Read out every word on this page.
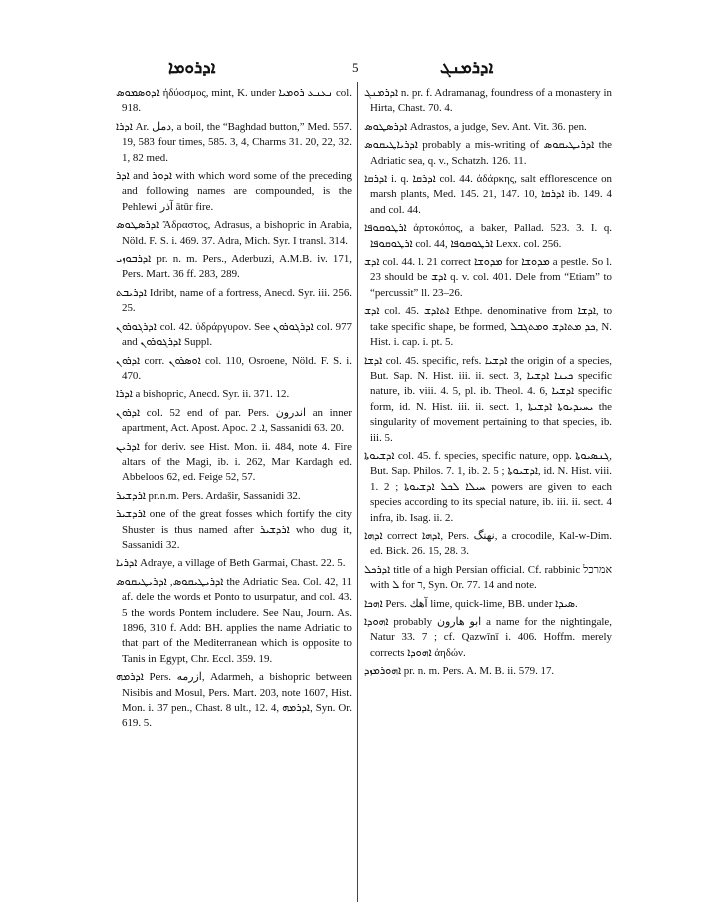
ܐܕܪܘܡܐ	5	ܐܕܪܡܢܓ

ܐܕܘܣܡܘܣ ἡδύοσμος, mint, K. under ܢܥܢܥ ܪܘܡܝܐ col. 918.

ܐܕܪܐ Ar. دمل, a boil, the “Baghdad button,” Med. 557. 19, 583 four times, 585. 3, 4, Charms 31. 20, 22, 32. 1, 82 med.

ܐܕܪ and ܐܕܘܪ with which word some of the preceding and following names are compounded, is the Pehlewi آذر ātūr fire.

ܐܕܪܣܛܘܣ Ἄδραστος, Adrasus, a bishopric in Arabia, Nöld. F. S. i. 469. 37. Adra, Mich. Syr. I transl. 314.

ܐܕܪܒܘܙܝ pr. n. m. Pers., Aderbuzi, A.M.B. iv. 171, Pers. Mart. 36 ff. 283, 289.

ܐܕܪܝܒܬ Idribt, name of a fortress, Anecd. Syr. iii. 256. 25.

ܐܕܪܓܘܪܘܢ col. 42. ὑδράργυρον. See ܐܕܪܓܘܪܘܢ col. 977 and ܐܕܪܓܘܪܘܢ Suppl.

ܐܕܪܘܢ corr. ܐܘܣܪܘܢ col. 110, Osroene, Nöld. F. S. i. 470.

ܐܕܪܐ a bishopric, Anecd. Syr. ii. 371. 12.

ܐܕܪܘܢ col. 52 end of par. Pers. اندرون an inner apartment, Act. Apost. Apoc. ܐ. 2, Sassanidi 63. 20.

ܐܕܪܝܢ for deriv. see Hist. Mon. ii. 484, note 4. Fire altars of the Magi, ib. i. 262, Mar Kardagh ed. Abbeloos 62, ed. Feige 52, 57.

ܐܪܕܫܝܪ pr.n.m. Pers. Ardašir, Sassanidi 32.

ܐܪܕܫܝܪ one of the great fosses which fortify the city Shuster is thus named after ܐܪܕܫܝܪ who dug it, Sassanidi 32.

ܐܕܪܝܐ Adraye, a village of Beth Garmai, Chast. 22. 5.

ܐܕܪܝܛܝܩܘܣ, ܐܕܪܝܛܝܩܘܣ the Adriatic Sea. Col. 42, 11 af. dele the words et Ponto to usurpatur, and col. 43. 5 the words Pontem includere. See Nau, Journ. As. 1896, 310 f. Add: BH. applies the name Adriatic to that part of the Mediterranean which is opposite to Tanis in Egypt, Chr. Eccl. 359. 19.

ܐܕܪܡܗ Pers. ازرمه, Adarmeh, a bishopric between Nisibis and Mosul, Pers. Mart. 203, note 1607, Hist. Mon. i. 37 pen., Chast. 8 ult., 12. 4, ܐܕܪܡܗ, Syn. Or. 619. 5.

ܐܕܪܡܢܓ n. pr. f. Adramanag, foundress of a monastery in Hirta, Chast. 70. 4.

ܐܕܪܣܛܘܣ Adrastos, a judge, Sev. Ant. Vit. 36. pen.

ܐܕܪܝܐܛܝܩܘܣ probably a mis-writing of ܐܕܪܝܛܝܩܘܣ the Adriatic sea, q. v., Schatzh. 126. 11.

ܐܕܪܩܐ i. q. ܐܕܪܩܐ col. 44. ἀδάρκης, salt efflorescence on marsh plants, Med. 145. 21, 147. 10, ܐܕܪܩܐ ib. 149. 4 and col. 44.

ܐܪܛܘܩܘܦܐ ἀρτοκόπος, a baker, Pallad. 523. 3. I. q. ܐܪܛܘܩܘܦܐ col. 44, ܐܪܛܘܩܘܦܐ Lexx. col. 256.

ܐܕܫ col. 44. l. 21 correct ܡܕܘܫܐ for ܡܕܘܫܐ a pestle. So l. 23 should be ܐܕܫ q. v. col. 401. Dele from “Etiam” to “percussit” ll. 23–26.

ܐܕܫ col. 45. ܐܬܐܕܫ Ethpe. denominative from ܐܕܫܐ, to take specific shape, be formed, ܟܕ ܡܬܐܕܫ ܘܡܬܓܒܠ, N. Hist. i. cap. i. pt. 5.

ܐܕܫܐ col. 45. specific, refs. ܐܕܫܝܐ the origin of a species, But. Sap. N. Hist. iii. ii. sect. 3, ܟܝܢܐ ܐܕܫܝܐ specific nature, ib. viii. 4. 5, pl. ib. Theol. 4. 6, ܐܕܫܝܐ specific form, id. N. Hist. iii. ii. sect. 1, ܝܚܝܕܝܘܬܐ ܐܕܫܝܬܐ the singularity of movement pertaining to that species, ib. iii. 5.

ܐܕܫܝܘܬܐ col. 45. f. species, specific nature, opp. ܓܢܣܝܘܬܐ, But. Sap. Philos. 7. 1, ib. 2. 5 ; ܐܕܫܝܘܬܐ, id. N. Hist. viii. 1. 2 ; ܚܝܠܐ ܠܟܠ ܐܕܫܝܘܬܐ powers are given to each species according to its special nature, ib. iii. ii. sect. 4 infra, ib. Isag. ii. 2.

ܐܕܗܐ correct ܐܕܗܐ, Pers. نهنگ, a crocodile, Kal-w-Dim. ed. Bick. 26. 15, 28. 3.

ܐܕܪܟܠ title of a high Persian official. Cf. rabbinic אמרכל with ܠ for ר, Syn. Or. 77. 14 and note.

ܐܗܟܐ Pers. آهك lime, quick-lime, BB. under ܣܝܕܐ.

ܐܗܘܕܐ probably ابو هارون a name for the nightingale, Natur 33. 7 ; cf. Qazwīnī i. 406. Hoffm. merely corrects ܐܗܘܕܐ ἀηδών.

ܐܗܘܪܡܙܕ pr. n. m. Pers. A. M. B. ii. 579. 17.
